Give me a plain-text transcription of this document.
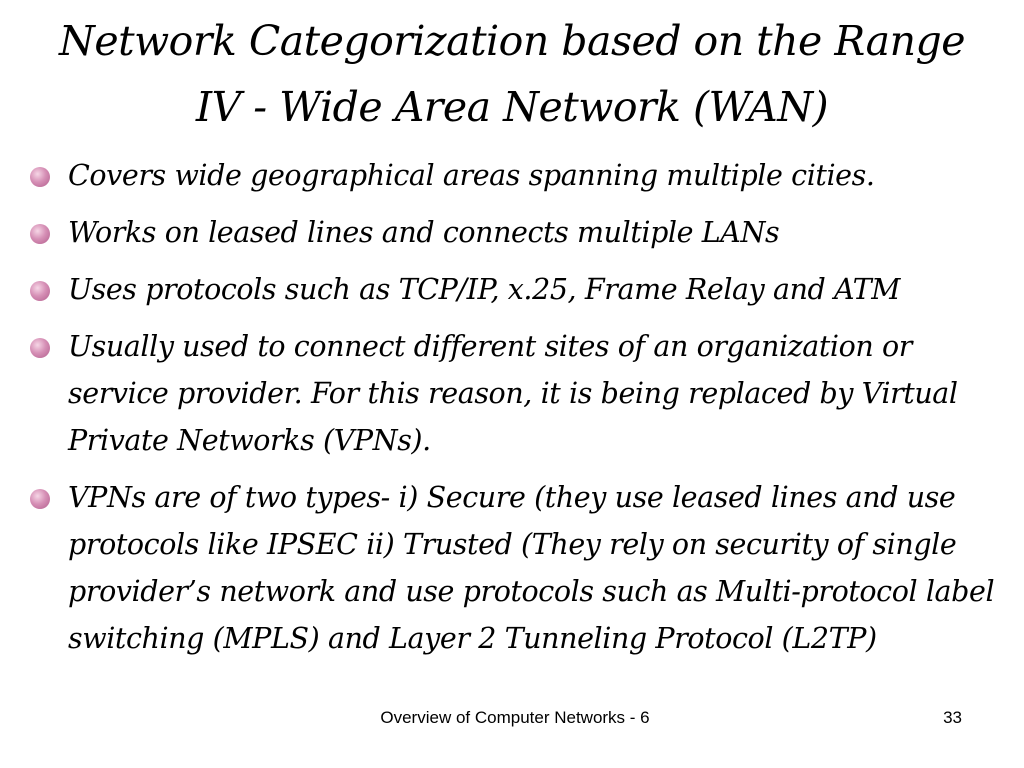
Network Categorization based on the Range
IV - Wide Area Network (WAN)
Covers wide geographical areas spanning multiple cities.
Works on leased lines and connects multiple LANs
Uses protocols such as TCP/IP, x.25, Frame Relay and ATM
Usually used to connect different sites of an organization or service provider. For this reason, it is being replaced by Virtual Private Networks (VPNs).
VPNs are of two types- i) Secure (they use leased lines and use protocols like IPSEC ii) Trusted (They rely on security of single provider’s network and use protocols such as Multi-protocol label switching (MPLS) and Layer 2 Tunneling Protocol (L2TP)
Overview of Computer Networks - 6	33
